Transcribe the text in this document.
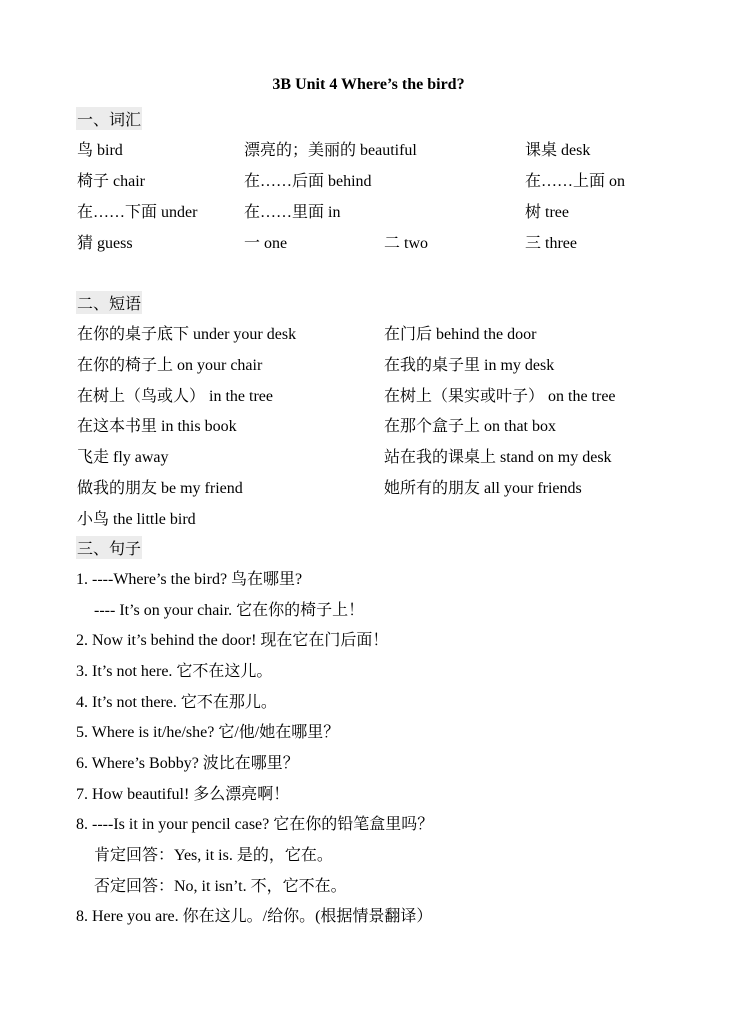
3B Unit 4 Where’s the bird?
一、词汇
鸟 bird	漂亮的；美丽的 beautiful	课桌 desk
椅子 chair	在……后面 behind	在……上面 on
在……下面 under	在……里面 in	树 tree
猜 guess	一 one	二 two	三 three
二、短语
在你的桌子底下 under your desk	在门后 behind the door
在你的椅子上 on your chair	在我的桌子里 in my desk
在树上（鸟或人） in the tree	在树上（果实或叶子） on the tree
在这本书里 in this book	在那个盒子上 on that box
飞走 fly away	站在我的课桌上 stand on my desk
做我的朋友 be my friend	她所有的朋友 all your friends
小鸟 the little bird
三、句子
1. ----Where’s the bird? 鸟在哪里?
---- It’s on your chair. 它在你的椅子上！
2. Now it’s behind the door! 现在它在门后面！
3. It’s not here. 它不在这儿。
4. It’s not there. 它不在那儿。
5. Where is it/he/she? 它/他/她在哪里？
6. Where’s Bobby? 波比在哪里？
7. How beautiful! 多么漂亮啊！
8. ----Is it in your pencil case? 它在你的铅笔盒里吗？
肯定回答：Yes, it is. 是的，它在。
否定回答：No, it isn’t. 不，它不在。
8. Here you are. 你在这儿。/给你。(根据情景翻译）
